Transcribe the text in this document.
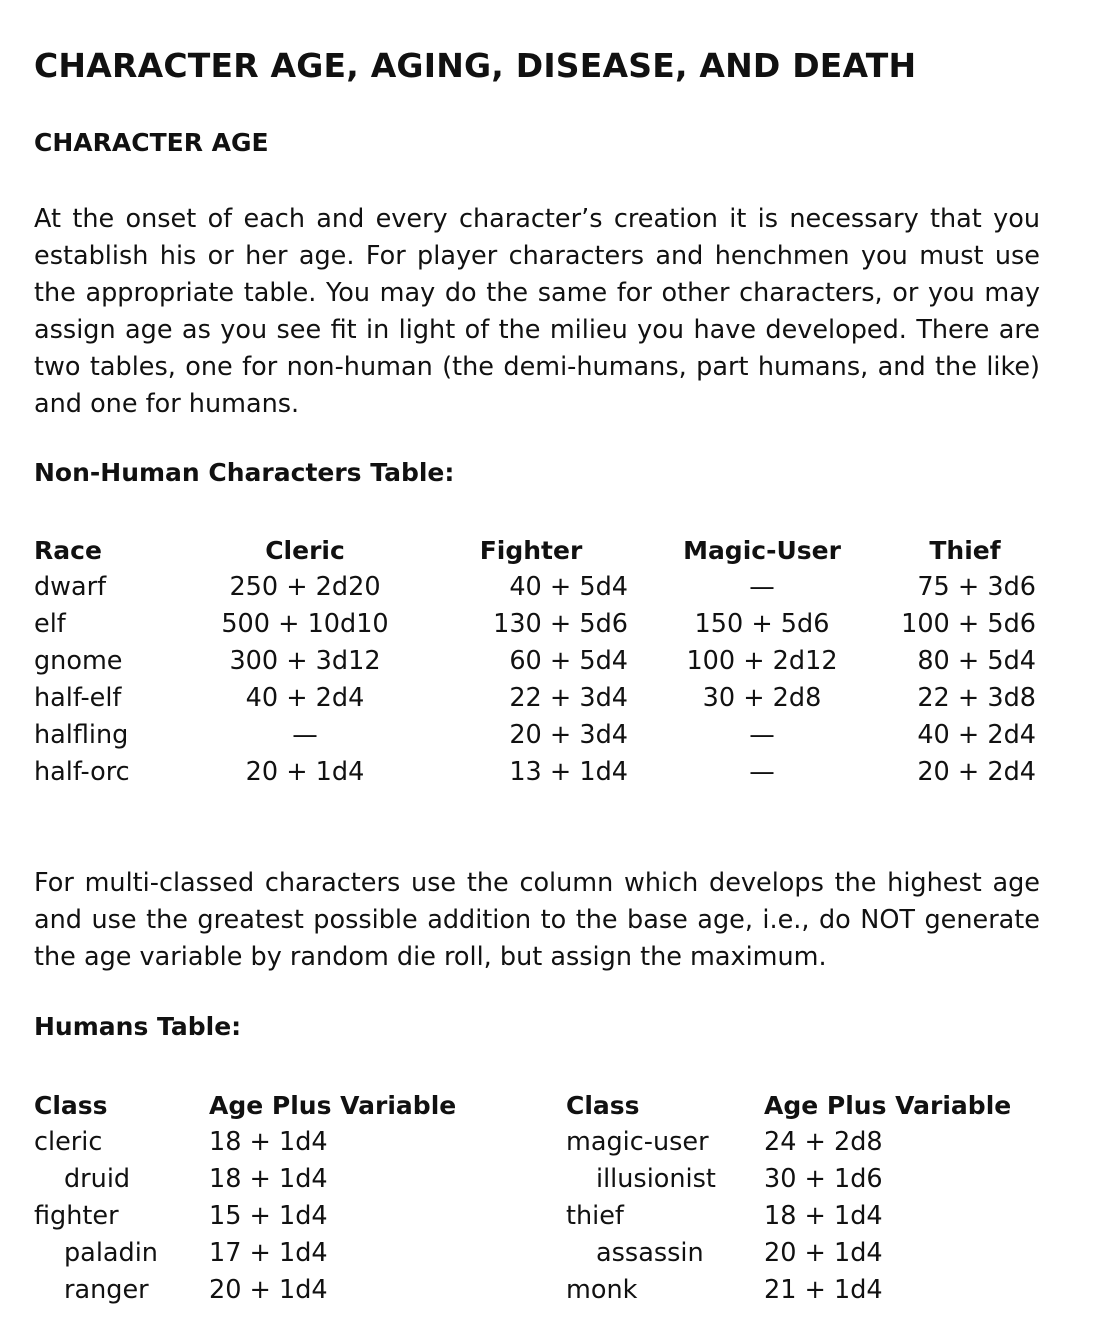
CHARACTER AGE, AGING, DISEASE, AND DEATH
CHARACTER AGE

At the onset of each and every character’s creation it is necessary that you establish his or her age. For player characters and henchmen you must use the appropriate table. You may do the same for other characters, or you may assign age as you see fit in light of the milieu you have developed. There are two tables, one for non-human (the demi-humans, part humans, and the like) and one for humans.

Non-Human Characters Table:
Race	Cleric	Fighter	Magic-User	Thief
dwarf	250 + 2d20	40 + 5d4	—	75 + 3d6
elf	500 + 10d10	130 + 5d6	150 + 5d6	100 + 5d6
gnome	300 + 3d12	60 + 5d4	100 + 2d12	80 + 5d4
half-elf	40 + 2d4	22 + 3d4	30 + 2d8	22 + 3d8
halfling	—	20 + 3d4	—	40 + 2d4
half-orc	20 + 1d4	13 + 1d4	—	20 + 2d4

For multi-classed characters use the column which develops the highest age and use the greatest possible addition to the base age, i.e., do NOT generate the age variable by random die roll, but assign the maximum.

Humans Table:
Class	Age Plus Variable	Class	Age Plus Variable
cleric	18 + 1d4	magic-user 24 + 2d8
druid	18 + 1d4	illusionist 30 + 1d6
fighter	15 + 1d4	thief	18 + 1d4
paladin 17 + 1d4	assassin 20 + 1d4
ranger 20 + 1d4	monk	21 + 1d4
